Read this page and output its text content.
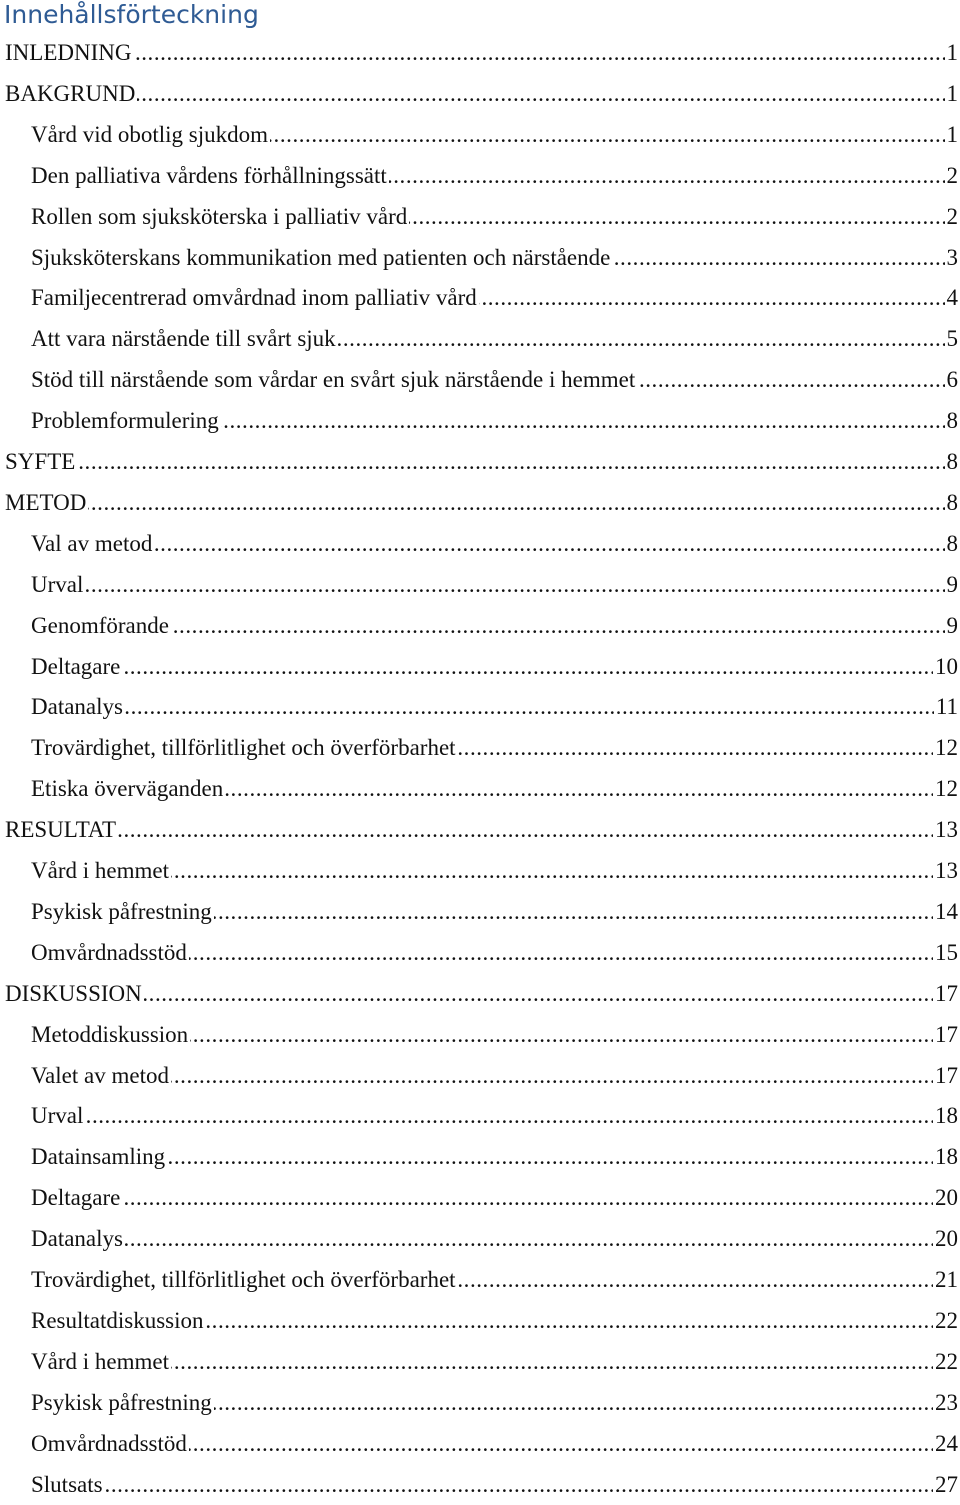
Innehållsförteckning
INLEDNING . . .	1
BAKGRUND . . .	1
Vård vid obotlig sjukdom . . .	1
Den palliativa vårdens förhållningssätt . . .	2
Rollen som sjuksköterska i palliativ vård . . .	2
Sjuksköterskans kommunikation med patienten och närstående . . .	3
Familjecentrerad omvårdnad inom palliativ vård . . .	4
Att vara närstående till svårt sjuk . . .	5
Stöd till närstående som vårdar en svårt sjuk närstående i hemmet . . .	6
Problemformulering . . .	8
SYFTE . . .	8
METOD . . .	8
Val av metod . . .	8
Urval . . .	9
Genomförande . . .	9
Deltagare . . .	10
Datanalys . . .	11
Trovärdighet, tillförlitlighet och överförbarhet . . .	12
Etiska överväganden . . .	12
RESULTAT . . .	13
Vård i hemmet . . .	13
Psykisk påfrestning . . .	14
Omvårdnadsstöd . . .	15
DISKUSSION . . .	17
Metoddiskussion . . .	17
Valet av metod . . .	17
Urval . . .	18
Datainsamling . . .	18
Deltagare . . .	20
Datanalys . . .	20
Trovärdighet, tillförlitlighet och överförbarhet . . .	21
Resultatdiskussion . . .	22
Vård i hemmet . . .	22
Psykisk påfrestning . . .	23
Omvårdnadsstöd . . .	24
Slutsats . . .	27
